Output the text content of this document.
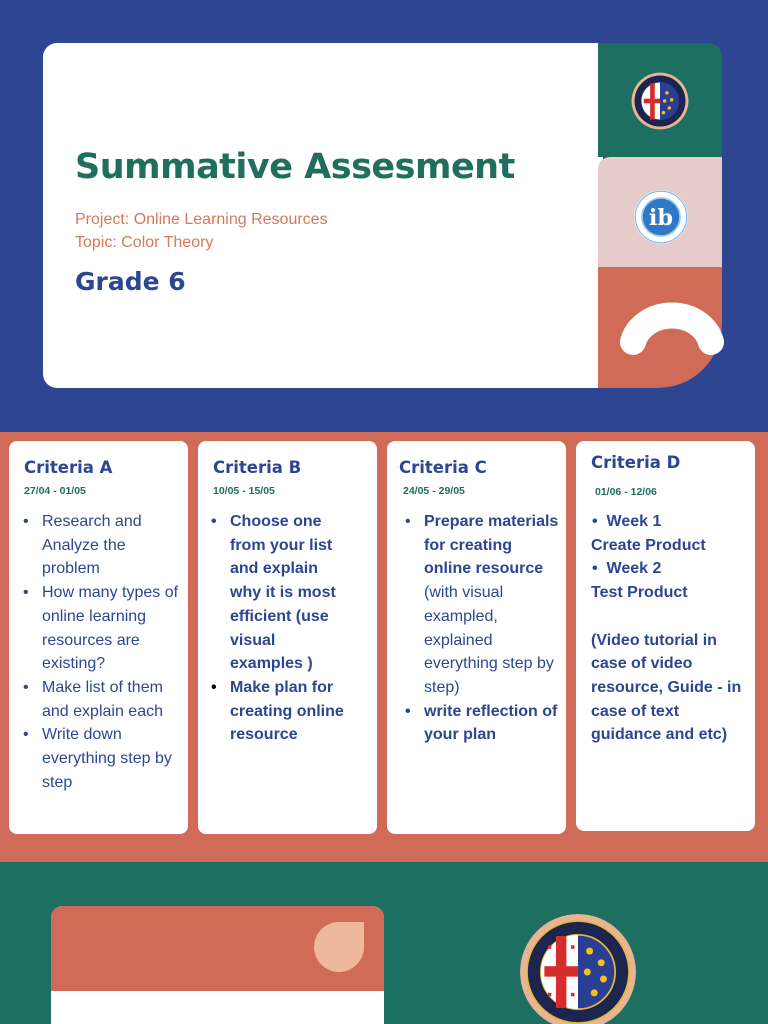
Summative Assesment
Project: Online Learning Resources
Topic: Color Theory
Grade 6
ib
Criteria A
27/04 - 01/05
• Research and Analyze the problem
• How many types of online learning resources are existing?
• Make list of them and explain each
• Write down everything step by step
Criteria B
10/05 - 15/05
• Choose one from your list and explain why it is most efficient (use visual examples )
• Make plan for creating online resource
Criteria C
24/05 - 29/05
• Prepare materials for creating online resource (with visual exampled, explained everything step by step)
• write reflection of your plan
Criteria D
01/06 - 12/06
•  Week 1
Create Product
•  Week 2
Test Product
(Video tutorial in case of video resource, Guide - in case of text guidance and etc)
